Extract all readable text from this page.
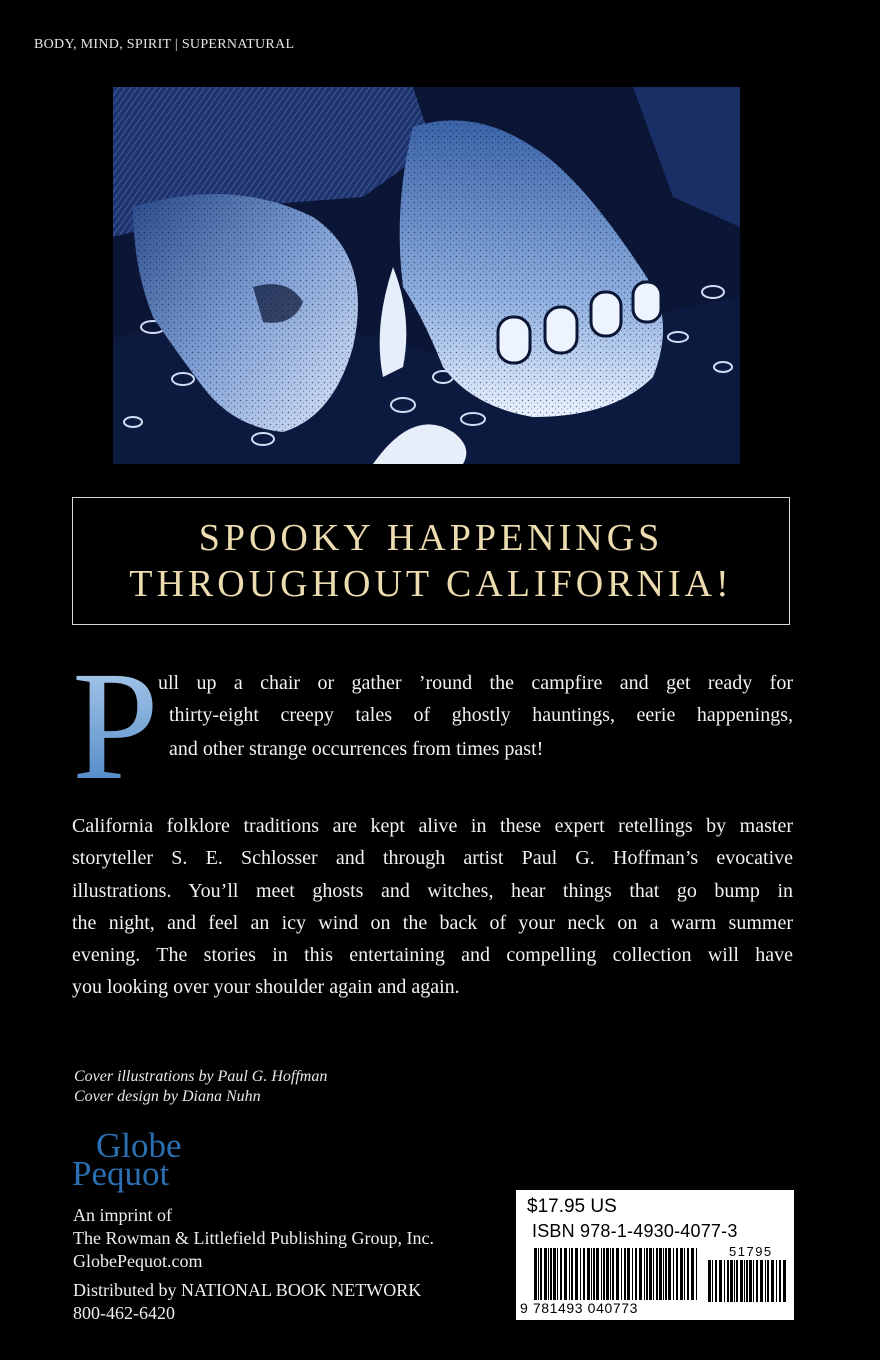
BODY, MIND, SPIRIT | SUPERNATURAL
SPOOKY HAPPENINGS
THROUGHOUT CALIFORNIA!
P ull up a chair or gather ’round the campfire and get ready for
thirty-eight creepy tales of ghostly hauntings, eerie happenings,
and other strange occurrences from times past!
California folklore traditions are kept alive in these expert retellings by master
storyteller S. E. Schlosser and through artist Paul G. Hoffman’s evocative
illustrations. You’ll meet ghosts and witches, hear things that go bump in
the night, and feel an icy wind on the back of your neck on a warm summer
evening. The stories in this entertaining and compelling collection will have
you looking over your shoulder again and again.
Cover illustrations by Paul G. Hoffman
Cover design by Diana Nuhn
Globe
Pequot
An imprint of
The Rowman & Littlefield Publishing Group, Inc.
GlobePequot.com
Distributed by NATIONAL BOOK NETWORK
800-462-6420
$17.95 US
ISBN 978-1-4930-4077-3
51795
9 781493 040773
